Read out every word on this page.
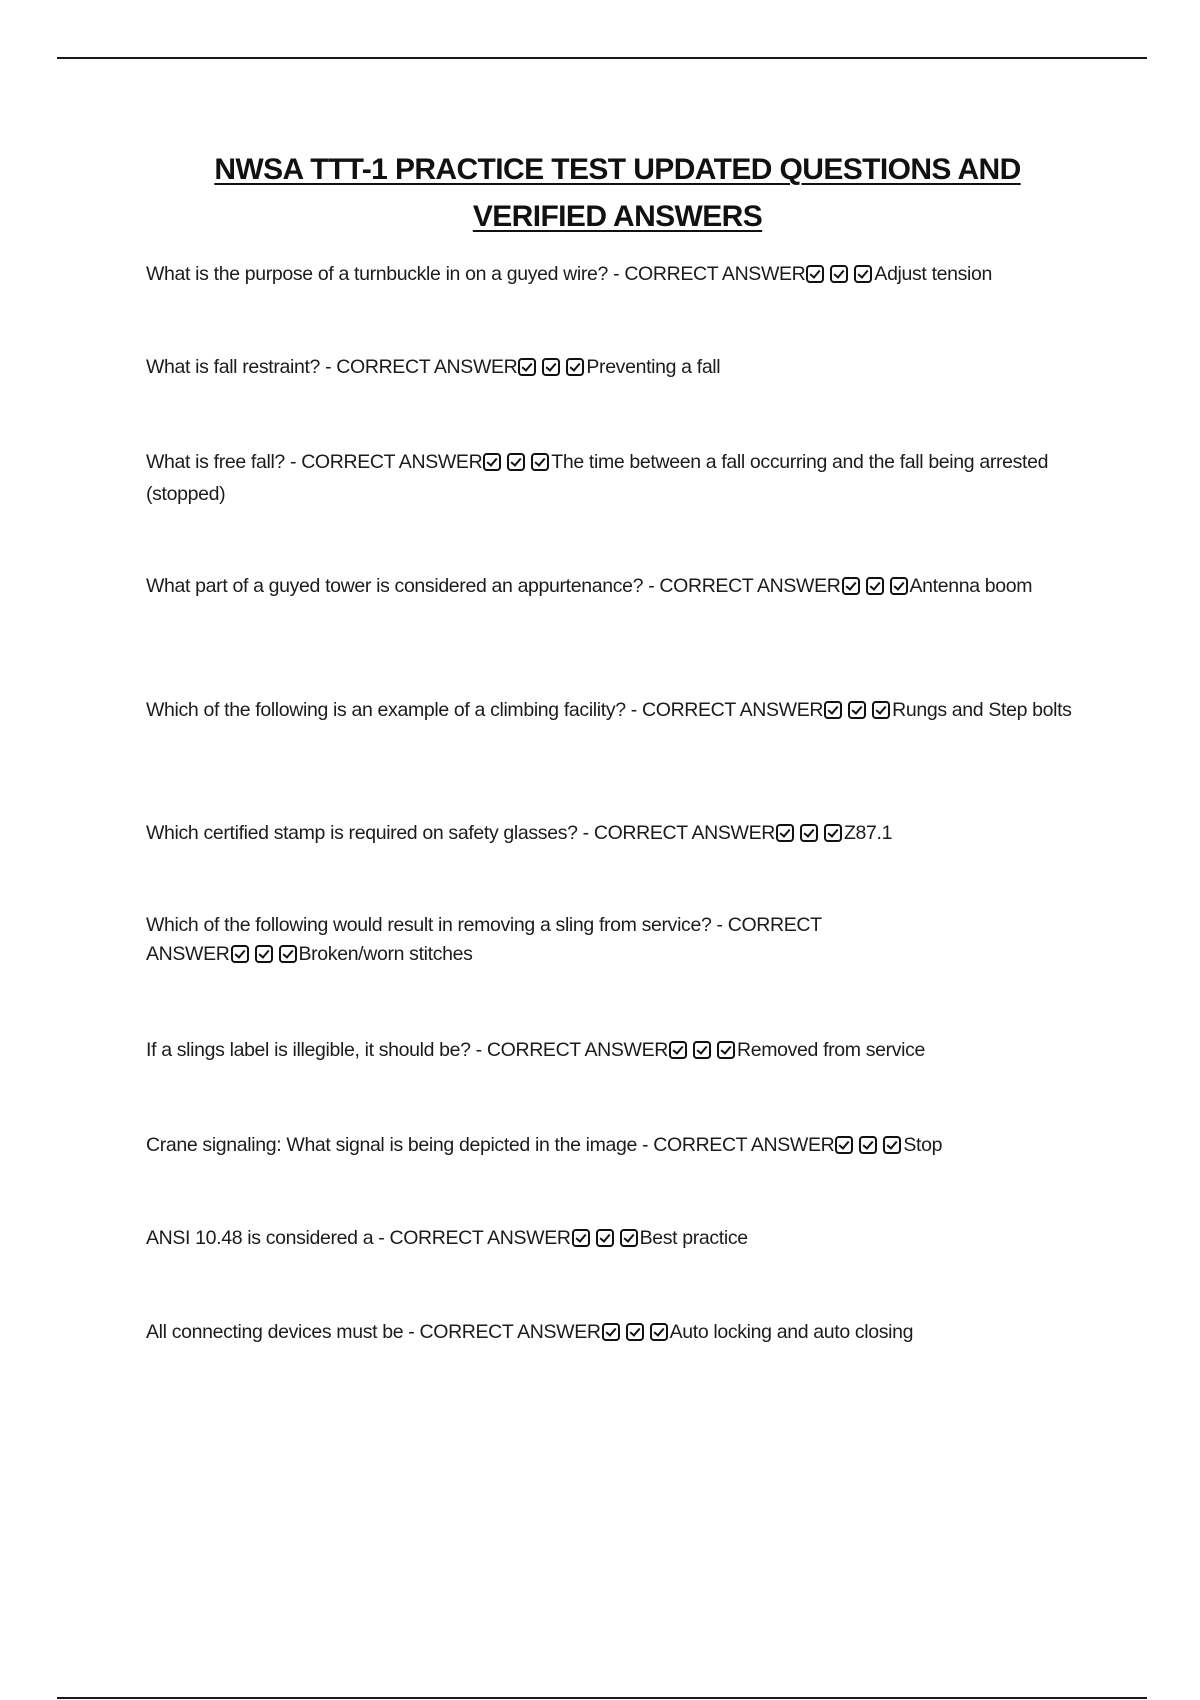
NWSA TTT-1 PRACTICE TEST UPDATED QUESTIONS AND
VERIFIED ANSWERS
What is the purpose of a turnbuckle in on a guyed wire? - CORRECT ANSWER	Adjust tension
What is fall restraint? - CORRECT ANSWER	Preventing a fall
What is free fall? - CORRECT ANSWER	The time between a fall occurring and the fall being arrested (stopped)
What part of a guyed tower is considered an appurtenance? - CORRECT ANSWER	Antenna boom
Which of the following is an example of a climbing facility? - CORRECT ANSWER	Rungs and Step bolts
Which certified stamp is required on safety glasses? - CORRECT ANSWER	Z87.1
Which of the following would result in removing a sling from service? - CORRECT ANSWER	Broken/worn stitches
If a slings label is illegible, it should be? - CORRECT ANSWER	Removed from service
Crane signaling: What signal is being depicted in the image - CORRECT ANSWER	Stop
ANSI 10.48 is considered a - CORRECT ANSWER	Best practice
All connecting devices must be - CORRECT ANSWER	Auto locking and auto closing
